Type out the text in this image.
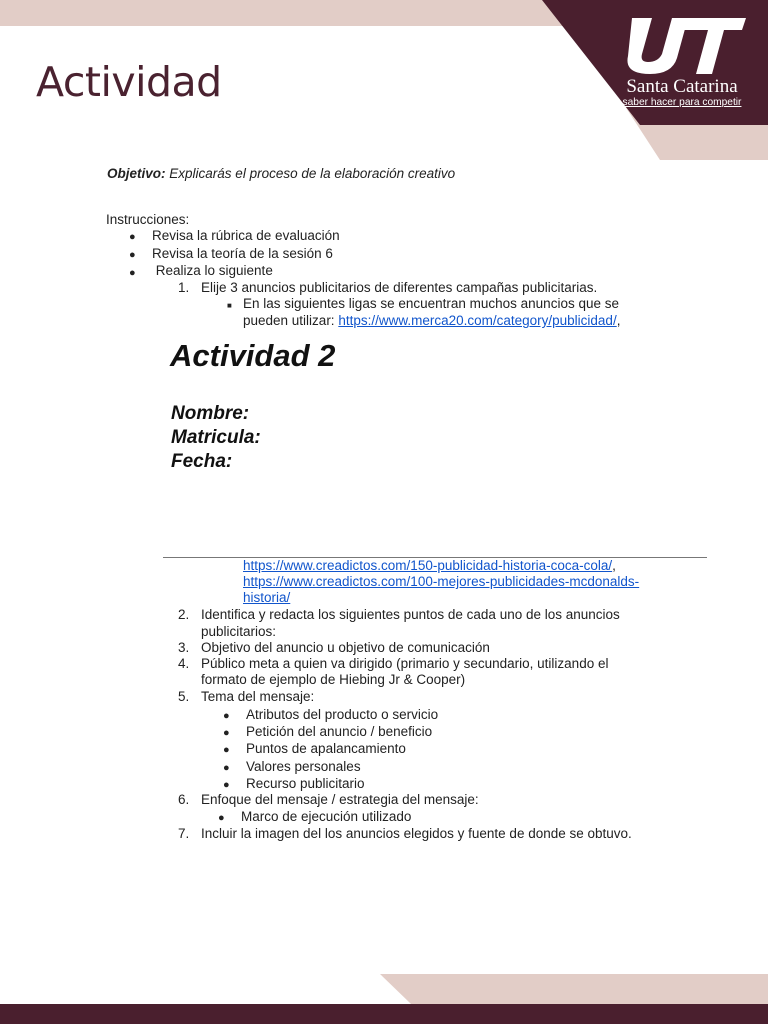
Actividad	Santa Catarina
saber hacer para competir
Objetivo: Explicarás el proceso de la elaboración creativo
Instrucciones:
● Revisa la rúbrica de evaluación
● Revisa la teoría de la sesión 6
● Realiza lo siguiente
1. Elije 3 anuncios publicitarios de diferentes campañas publicitarias.
■ En las siguientes ligas se encuentran muchos anuncios que se
pueden utilizar: https://www.merca20.com/category/publicidad/,
Actividad 2
Nombre:
Matricula:
Fecha:
https://www.creadictos.com/150-publicidad-historia-coca-cola/,
https://www.creadictos.com/100-mejores-publicidades-mcdonalds-
historia/
2. Identifica y redacta los siguientes puntos de cada uno de los anuncios
publicitarios:
3. Objetivo del anuncio u objetivo de comunicación
4. Público meta a quien va dirigido (primario y secundario, utilizando el
formato de ejemplo de Hiebing Jr & Cooper)
5. Tema del mensaje:
● Atributos del producto o servicio
● Petición del anuncio / beneficio
● Puntos de apalancamiento
● Valores personales
● Recurso publicitario
6. Enfoque del mensaje / estrategia del mensaje:
● Marco de ejecución utilizado
7. Incluir la imagen del los anuncios elegidos y fuente de donde se obtuvo.
